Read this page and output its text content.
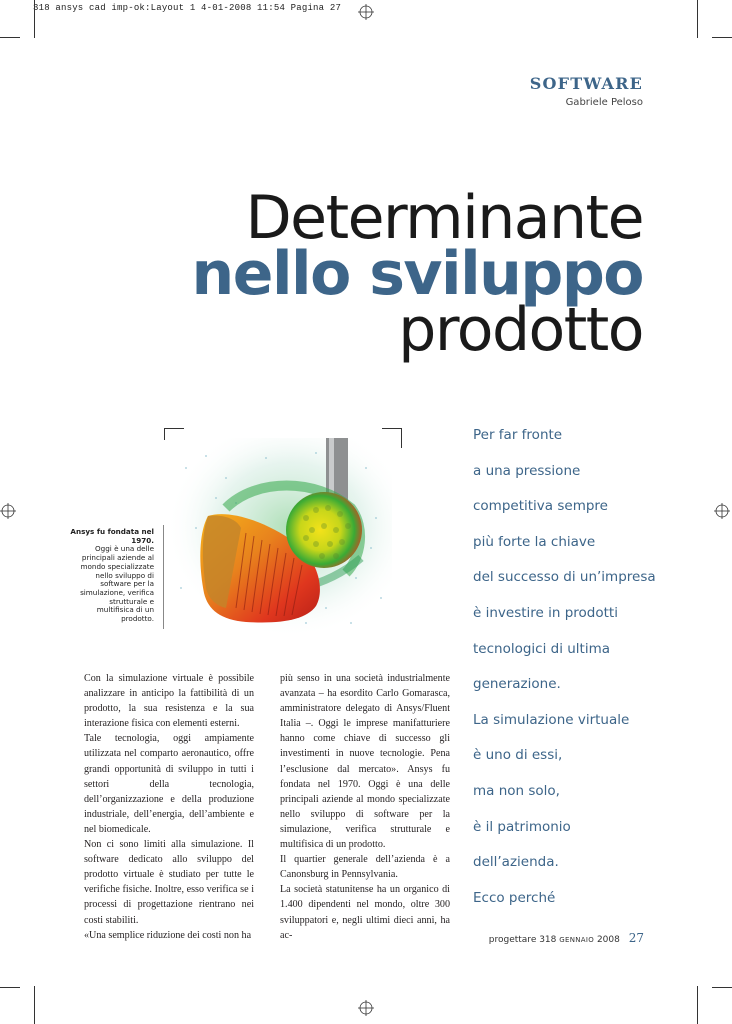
318 ansys cad imp-ok:Layout 1 4-01-2008 11:54 Pagina 27
SOFTWARE
Gabriele Peloso
Determinante
nello sviluppo
prodotto
Ansys fu fondata nel 1970.
Oggi è una delle principali aziende al mondo specializzate nello sviluppo di software per la simulazione, verifica strutturale e multifisica di un prodotto.
Per far fronte
a una pressione
competitiva sempre
più forte la chiave
del successo di un’impresa
è investire in prodotti
tecnologici di ultima
generazione.
La simulazione virtuale
è uno di essi,
ma non solo,
è il patrimonio
dell’azienda.
Ecco perché

Con la simulazione virtuale è possibile analizzare in anticipo la fattibilità di un prodotto, la sua resistenza e la sua interazione fisica con elementi esterni.

Tale tecnologia, oggi ampiamente utilizzata nel comparto aeronautico, offre grandi opportunità di sviluppo in tutti i settori della tecnologia, dell’organizzazione e della produzione industriale, dell’energia, dell’ambiente e nel biomedicale.

Non ci sono limiti alla simulazione. Il software dedicato allo sviluppo del prodotto virtuale è studiato per tutte le verifiche fisiche. Inoltre, esso verifica se i processi di progettazione rientrano nei costi stabiliti.

«Una semplice riduzione dei costi non ha

più senso in una società industrialmente avanzata – ha esordito Carlo Gomarasca, amministratore delegato di Ansys/Fluent Italia –. Oggi le imprese manifatturiere hanno come chiave di successo gli investimenti in nuove tecnologie. Pena l’esclusione dal mercato». Ansys fu fondata nel 1970. Oggi è una delle principali aziende al mondo specializzate nello sviluppo di software per la simulazione, verifica strutturale e multifisica di un prodotto.

Il quartier generale dell’azienda è a Canonsburg in Pennsylvania.

La società statunitense ha un organico di 1.400 dipendenti nel mondo, oltre 300 sviluppatori e, negli ultimi dieci anni, ha ac-	progettare 318 GENNAIO 2008 27
